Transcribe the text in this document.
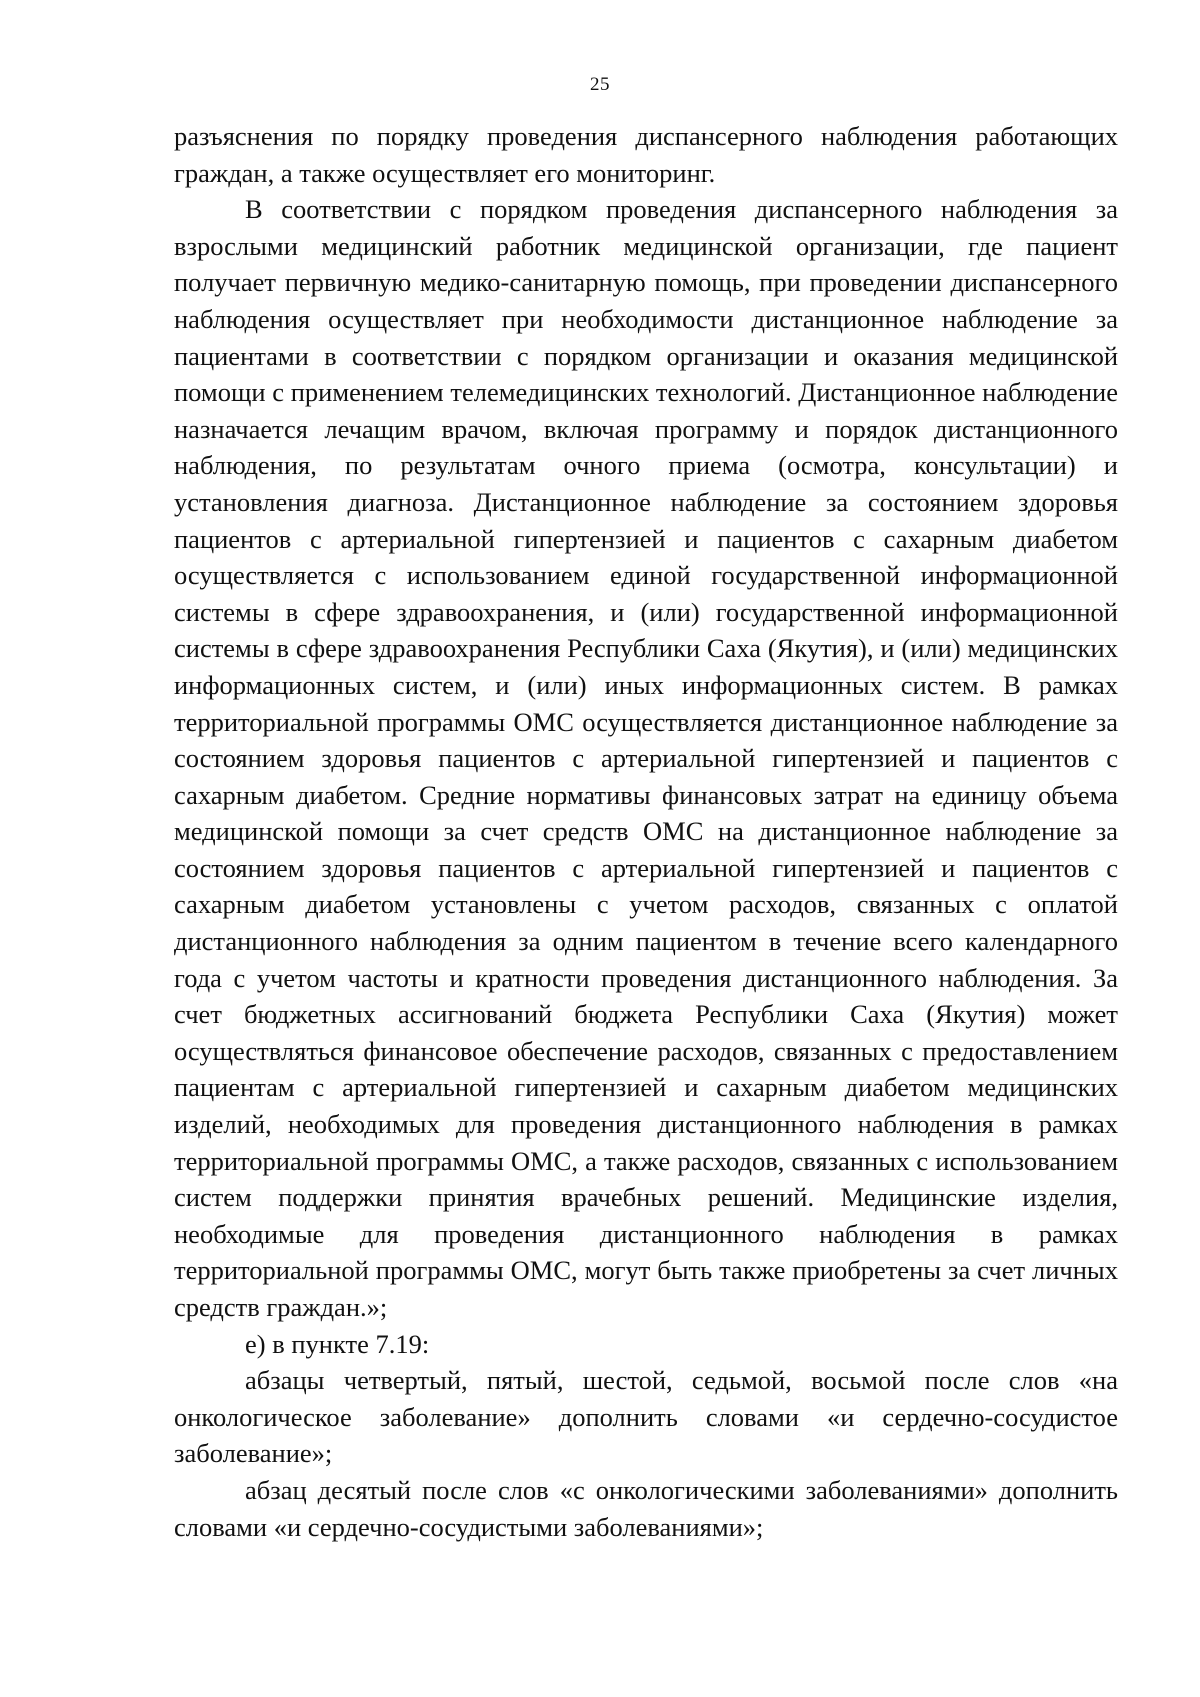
25

разъяснения по порядку проведения диспансерного наблюдения работающих граждан, а также осуществляет его мониторинг.

В соответствии с порядком проведения диспансерного наблюдения за взрослыми медицинский работник медицинской организации, где пациент получает первичную медико-санитарную помощь, при проведении диспансерного наблюдения осуществляет при необходимости дистанционное наблюдение за пациентами в соответствии с порядком организации и оказания медицинской помощи с применением телемедицинских технологий. Дистанционное наблюдение назначается лечащим врачом, включая программу и порядок дистанционного наблюдения, по результатам очного приема (осмотра, консультации) и установления диагноза. Дистанционное наблюдение за состоянием здоровья пациентов с артериальной гипертензией и пациентов с сахарным диабетом осуществляется с использованием единой государственной информационной системы в сфере здравоохранения, и (или) государственной информационной системы в сфере здравоохранения Республики Саха (Якутия), и (или) медицинских информационных систем, и (или) иных информационных систем. В рамках территориальной программы ОМС осуществляется дистанционное наблюдение за состоянием здоровья пациентов с артериальной гипертензией и пациентов с сахарным диабетом. Средние нормативы финансовых затрат на единицу объема медицинской помощи за счет средств ОМС на дистанционное наблюдение за состоянием здоровья пациентов с артериальной гипертензией и пациентов с сахарным диабетом установлены с учетом расходов, связанных с оплатой дистанционного наблюдения за одним пациентом в течение всего календарного года с учетом частоты и кратности проведения дистанционного наблюдения. За счет бюджетных ассигнований бюджета Республики Саха (Якутия) может осуществляться финансовое обеспечение расходов, связанных с предоставлением пациентам с артериальной гипертензией и сахарным диабетом медицинских изделий, необходимых для проведения дистанционного наблюдения в рамках территориальной программы ОМС, а также расходов, связанных с использованием систем поддержки принятия врачебных решений. Медицинские изделия, необходимые для проведения дистанционного наблюдения в рамках территориальной программы ОМС, могут быть также приобретены за счет личных средств граждан.»;

е) в пункте 7.19:

абзацы четвертый, пятый, шестой, седьмой, восьмой после слов «на онкологическое заболевание» дополнить словами «и сердечно-сосудистое заболевание»;

абзац десятый после слов «с онкологическими заболеваниями» дополнить словами «и сердечно-сосудистыми заболеваниями»;
